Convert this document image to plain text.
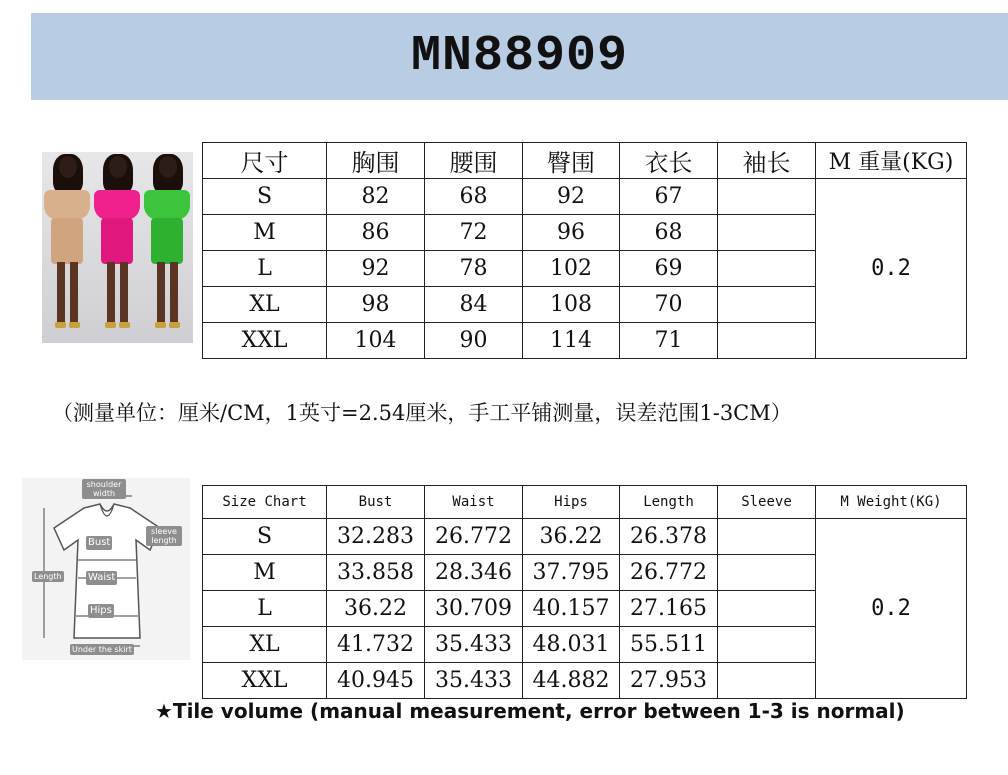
MN88909
尺寸	胸围	腰围	臀围	衣长	袖长	M 重量(KG)
S	82	68	92	67		0.2
M	86	72	96	68		
L	92	78	102	69		
XL	98	84	108	70		
XXL	104	90	114	71		
（测量单位：厘米/CM，1英寸=2.54厘米，手工平铺测量，误差范围1-3CM）
shoulder width
sleeve length
Bust
Length	Waist
Hips
Under the skirt
Size Chart	Bust	Waist	Hips	Length	Sleeve	M Weight(KG)
S	32.283	26.772	36.22	26.378		0.2
M	33.858	28.346	37.795	26.772		
L	36.22	30.709	40.157	27.165		
XL	41.732	35.433	48.031	55.511		
XXL	40.945	35.433	44.882	27.953		
★Tile volume (manual measurement, error between 1-3 is normal)
